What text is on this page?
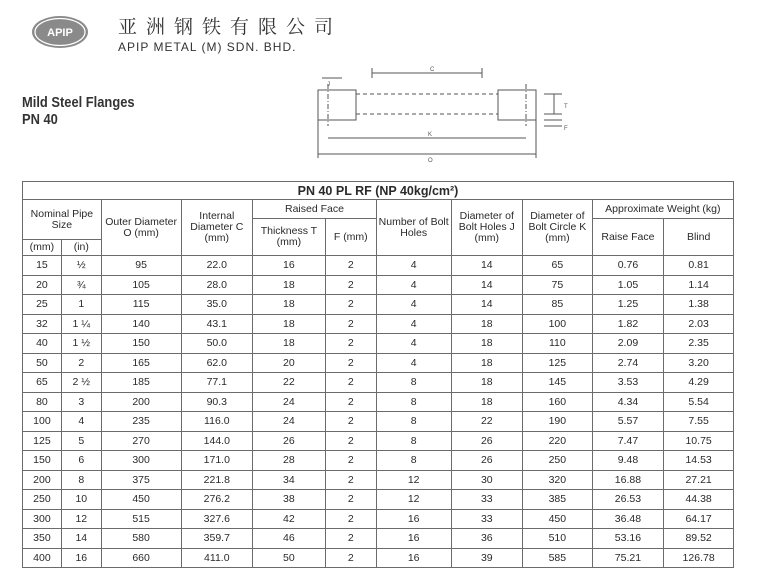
APIP 亚洲钢铁有限公司
APIP METAL (M) SDN. BHD.
Mild Steel Flanges
PN 40
C
J
T
F
K
O
PN 40 PL RF (NP 40kg/cm²)										
Nominal Pipe Size		Outer Diameter O (mm)	Internal Diameter C (mm)	Raised Face		Number of Bolt Holes	Diameter of Bolt Holes J (mm)	Diameter of Bolt Circle K (mm)	Approximate Weight (kg)	
				Thickness T (mm)	F (mm)				Raise Face	Blind
(mm)	(in)									
15	½	95	22.0	16	2	4	14	65	0.76	0.81
20	¾	105	28.0	18	2	4	14	75	1.05	1.14
25	1	115	35.0	18	2	4	14	85	1.25	1.38
32	1 ¼	140	43.1	18	2	4	18	100	1.82	2.03
40	1 ½	150	50.0	18	2	4	18	110	2.09	2.35
50	2	165	62.0	20	2	4	18	125	2.74	3.20
65	2 ½	185	77.1	22	2	8	18	145	3.53	4.29
80	3	200	90.3	24	2	8	18	160	4.34	5.54
100	4	235	116.0	24	2	8	22	190	5.57	7.55
125	5	270	144.0	26	2	8	26	220	7.47	10.75
150	6	300	171.0	28	2	8	26	250	9.48	14.53
200	8	375	221.8	34	2	12	30	320	16.88	27.21
250	10	450	276.2	38	2	12	33	385	26.53	44.38
300	12	515	327.6	42	2	16	33	450	36.48	64.17
350	14	580	359.7	46	2	16	36	510	53.16	89.52
400	16	660	411.0	50	2	16	39	585	75.21	126.78
